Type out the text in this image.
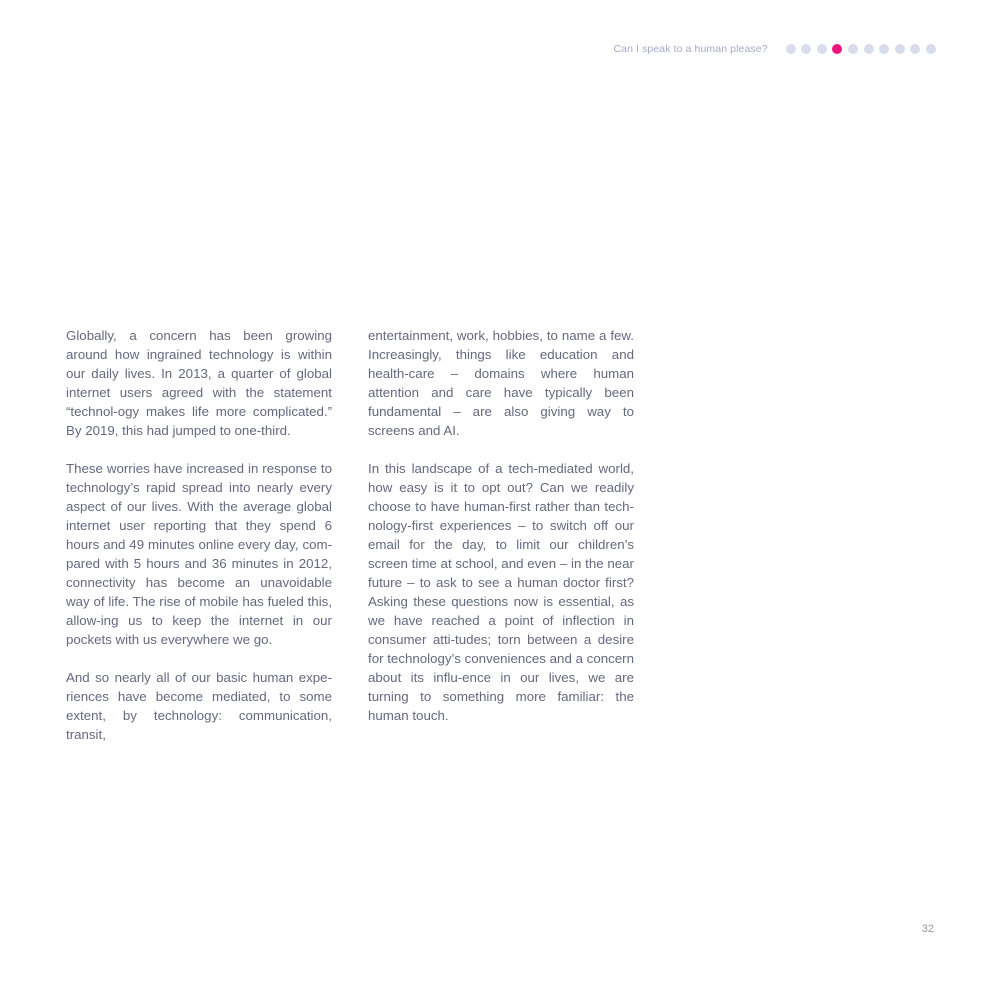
Can I speak to a human please?

Globally, a concern has been growing around how ingrained technology is within our daily lives. In 2013, a quarter of global internet users agreed with the statement “technol-ogy makes life more complicated.” By 2019, this had jumped to one-third.

These worries have increased in response to technology’s rapid spread into nearly every aspect of our lives. With the average global internet user reporting that they spend 6 hours and 49 minutes online every day, com-pared with 5 hours and 36 minutes in 2012, connectivity has become an unavoidable way of life. The rise of mobile has fueled this, allow-ing us to keep the internet in our pockets with us everywhere we go.

And so nearly all of our basic human expe-riences have become mediated, to some extent, by technology: communication, transit,

entertainment, work, hobbies, to name a few. Increasingly, things like education and health-care – domains where human attention and care have typically been fundamental – are also giving way to screens and AI.

In this landscape of a tech-mediated world, how easy is it to opt out? Can we readily choose to have human-first rather than tech-nology-first experiences – to switch off our email for the day, to limit our children’s screen time at school, and even – in the near future – to ask to see a human doctor first? Asking these questions now is essential, as we have reached a point of inflection in consumer atti-tudes; torn between a desire for technology’s conveniences and a concern about its influ-ence in our lives, we are turning to something more familiar: the human touch.

32
